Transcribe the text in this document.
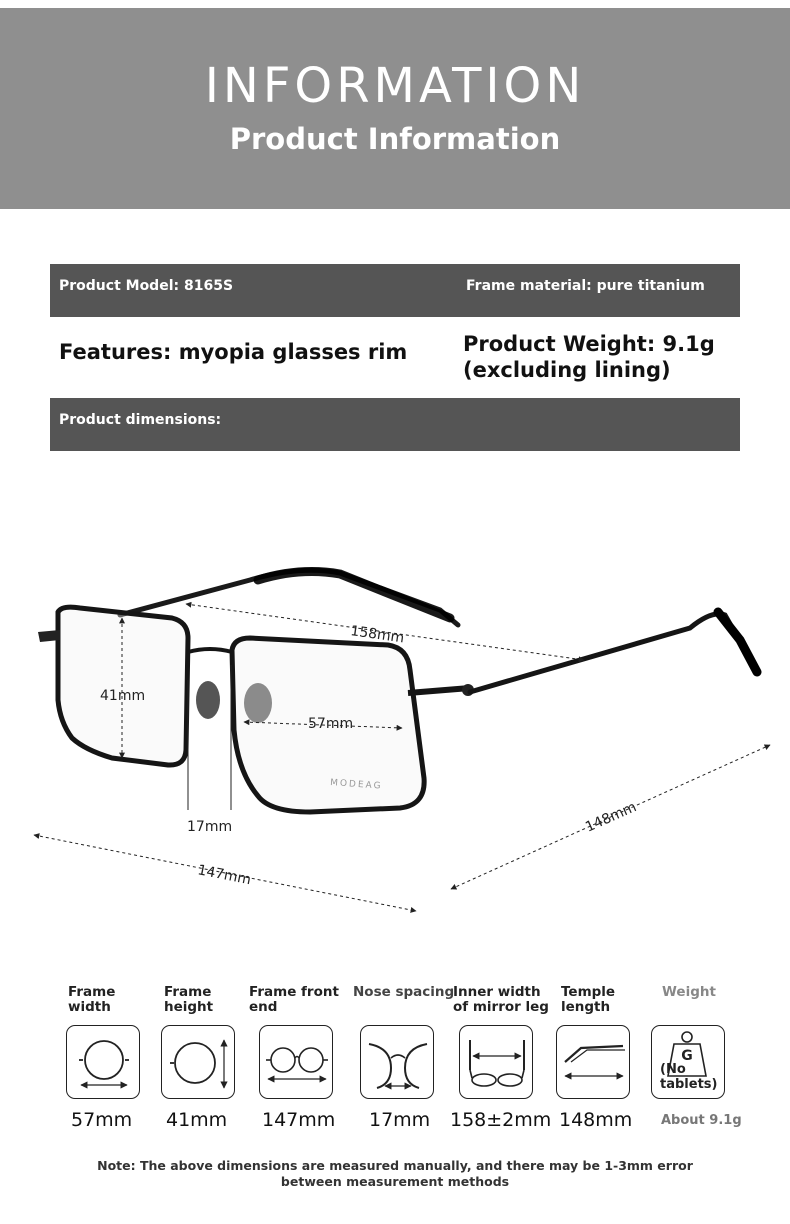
INFORMATION
Product Information
Product Model: 8165S	Frame material: pure titanium
Features: myopia glasses rim	Product Weight: 9.1g
(excluding lining)
Product dimensions:
MODEAG
158mm
41mm
57mm
17mm
147mm
148mm
Frame
width
57mm
Frame
height
41mm
Frame front
end
147mm
Nose spacing
17mm
Inner width
of mirror leg
158±2mm
Temple
length
148mm
Weight
G
(No
tablets)
About 9.1g
Note: The above dimensions are measured manually, and there may be 1-3mm error between measurement methods
